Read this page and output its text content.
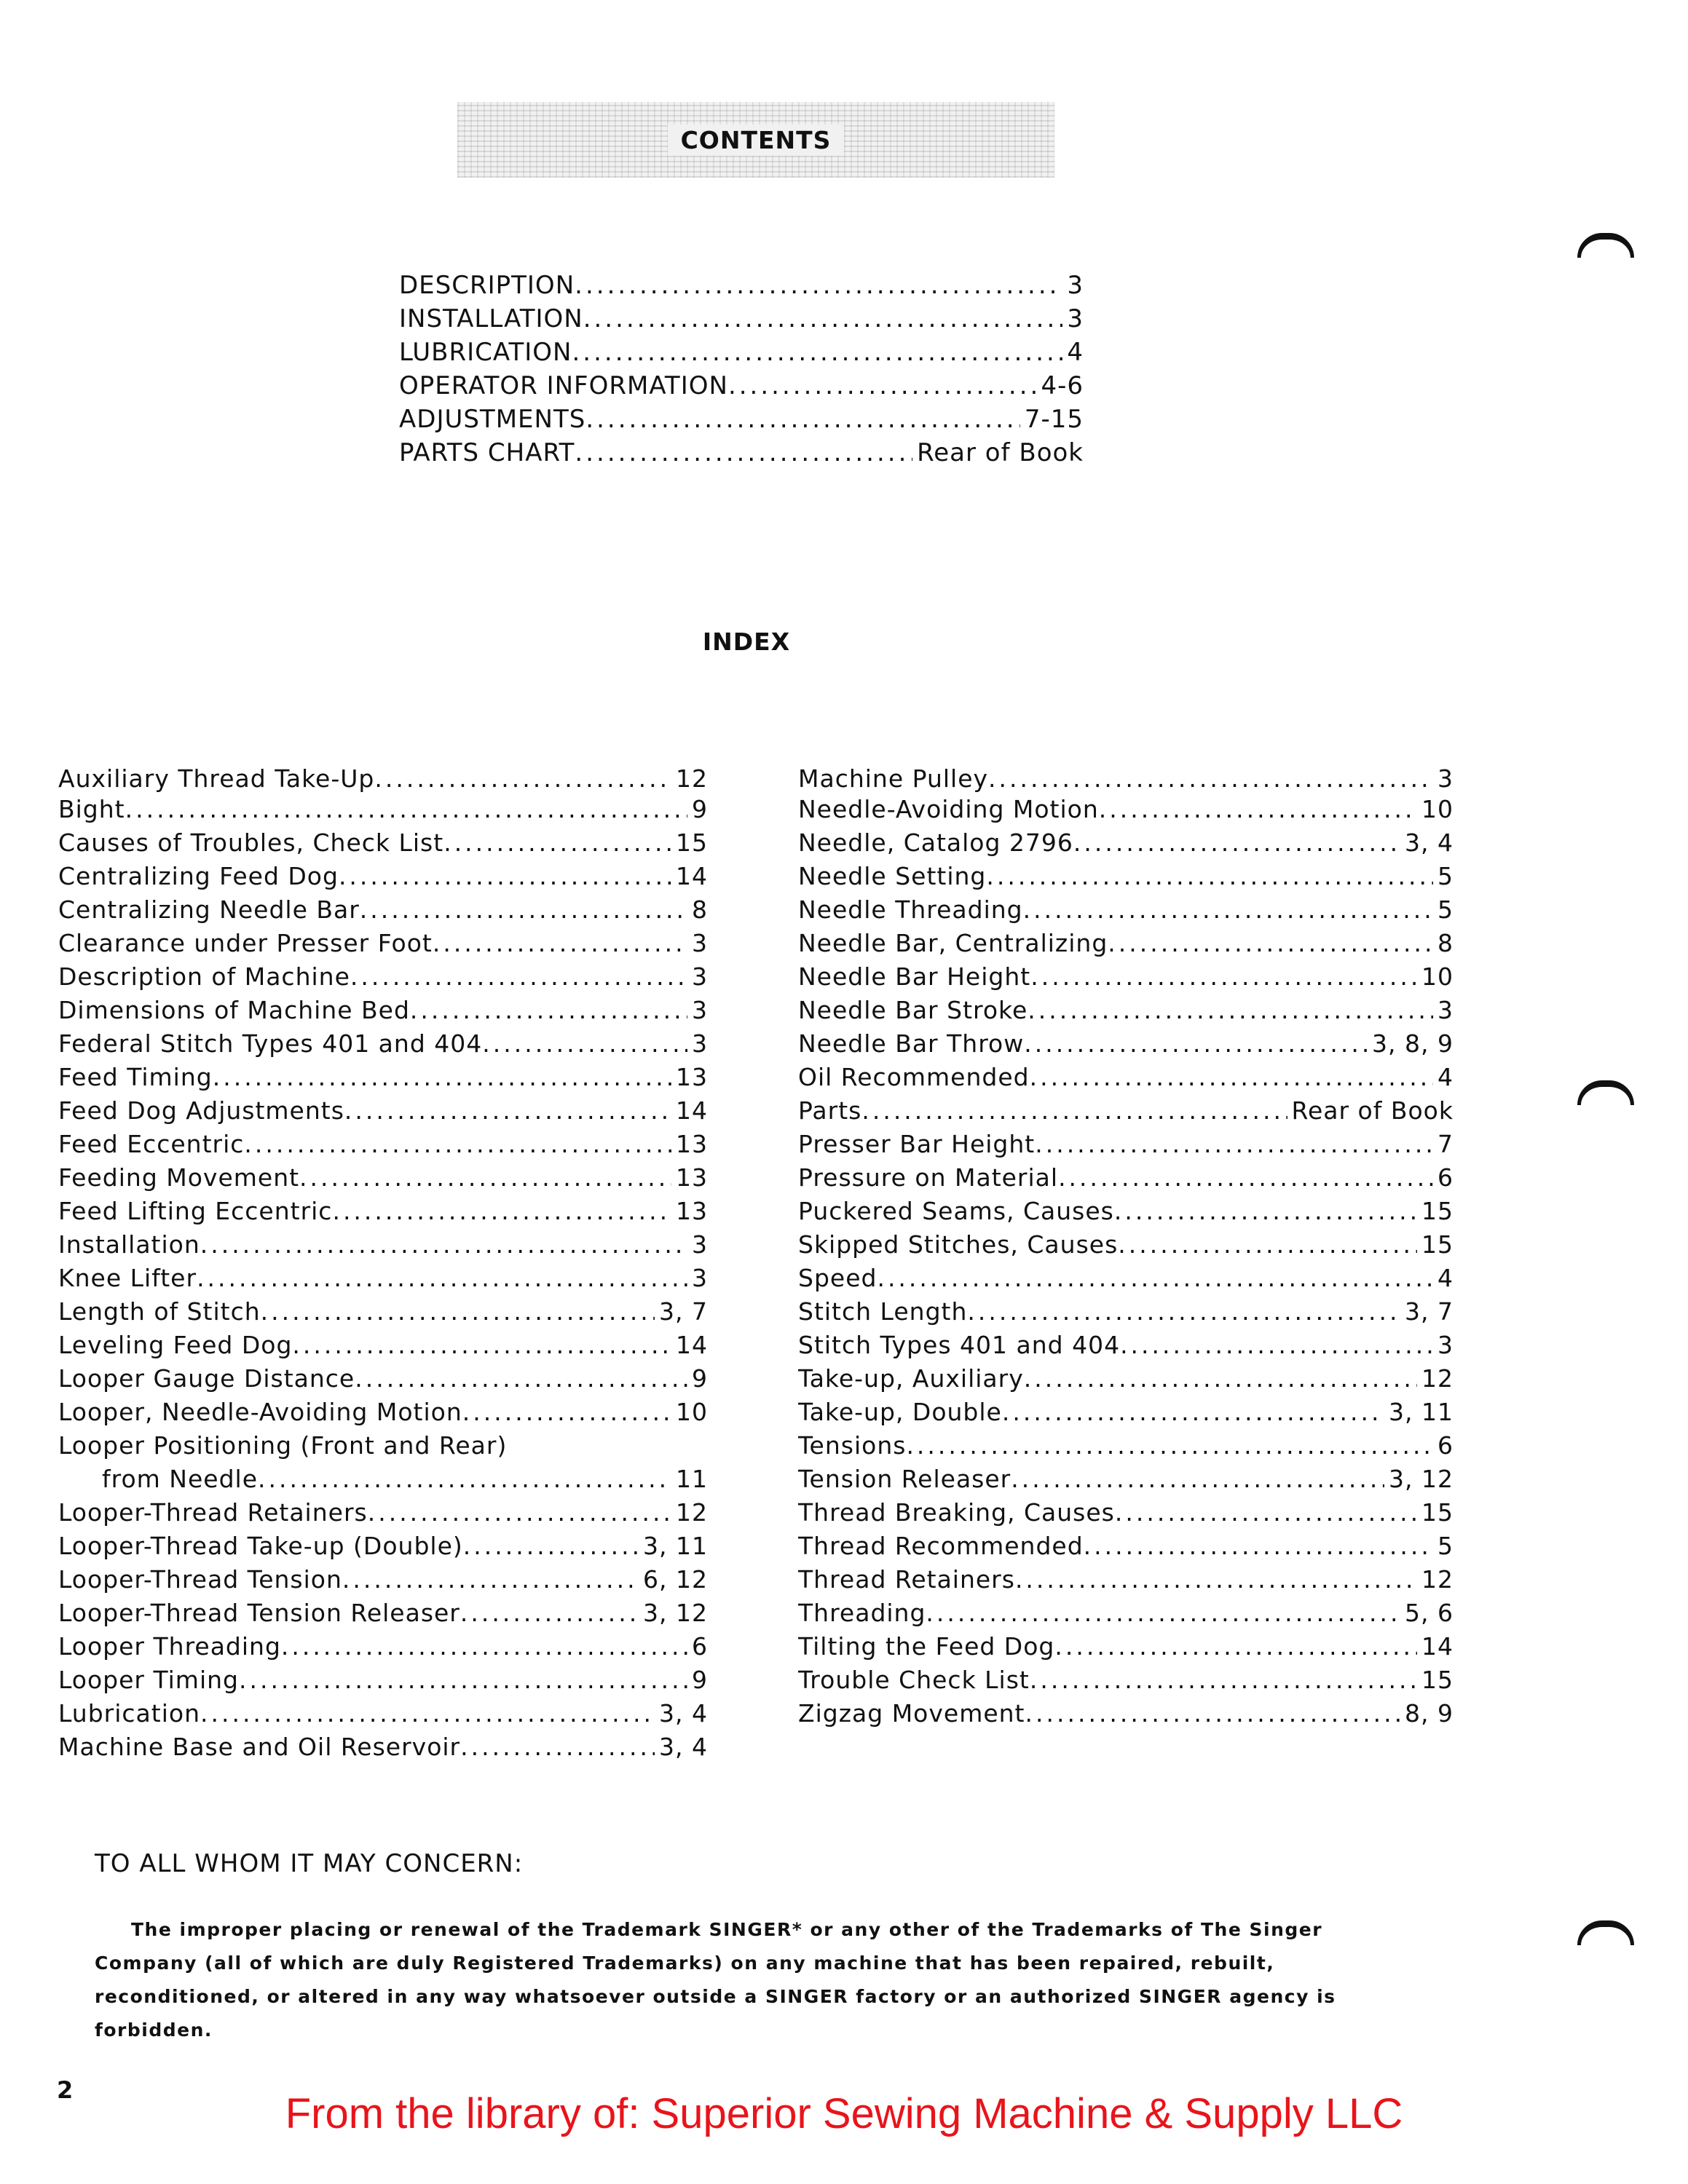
CONTENTS
DESCRIPTION .....	3
INSTALLATION .....	3
LUBRICATION .....	4
OPERATOR INFORMATION .....	4-6
ADJUSTMENTS .....	7-15
PARTS CHART .....	Rear of Book
INDEX
Auxiliary Thread Take-Up .....	12
Bight .....	9
Causes of Troubles, Check List .....	15
Centralizing Feed Dog .....	14
Centralizing Needle Bar .....	8
Clearance under Presser Foot .....	3
Description of Machine .....	3
Dimensions of Machine Bed .....	3
Federal Stitch Types 401 and 404 .....	3
Feed Timing .....	13
Feed Dog Adjustments .....	14
Feed Eccentric .....	13
Feeding Movement .....	13
Feed Lifting Eccentric .....	13
Installation .....	3
Knee Lifter .....	3
Length of Stitch .....	3, 7
Leveling Feed Dog .....	14
Looper Gauge Distance .....	9
Looper, Needle-Avoiding Motion .....	10
Looper Positioning (Front and Rear)
from Needle .....	11
Looper-Thread Retainers .....	12
Looper-Thread Take-up (Double) .....	3, 11
Looper-Thread Tension .....	6, 12
Looper-Thread Tension Releaser .....	3, 12
Looper Threading .....	6
Looper Timing .....	9
Lubrication .....	3, 4
Machine Base and Oil Reservoir .....	3, 4
Machine Pulley .....	3
Needle-Avoiding Motion .....	10
Needle, Catalog 2796 .....	3, 4
Needle Setting .....	5
Needle Threading .....	5
Needle Bar, Centralizing .....	8
Needle Bar Height .....	10
Needle Bar Stroke .....	3
Needle Bar Throw .....	3, 8, 9
Oil Recommended .....	4
Parts .....	Rear of Book
Presser Bar Height .....	7
Pressure on Material .....	6
Puckered Seams, Causes .....	15
Skipped Stitches, Causes .....	15
Speed .....	4
Stitch Length .....	3, 7
Stitch Types 401 and 404 .....	3
Take-up, Auxiliary .....	12
Take-up, Double .....	3, 11
Tensions .....	6
Tension Releaser .....	3, 12
Thread Breaking, Causes .....	15
Thread Recommended .....	5
Thread Retainers .....	12
Threading .....	5, 6
Tilting the Feed Dog .....	14
Trouble Check List .....	15
Zigzag Movement .....	8, 9
TO ALL WHOM IT MAY CONCERN:
The improper placing or renewal of the Trademark SINGER* or any other of the Trademarks of The Singer Company (all of which are duly Registered Trademarks) on any machine that has been repaired, rebuilt, reconditioned, or altered in any way whatsoever outside a SINGER factory or an authorized SINGER agency is forbidden.
2	From the library of: Superior Sewing Machine & Supply LLC
